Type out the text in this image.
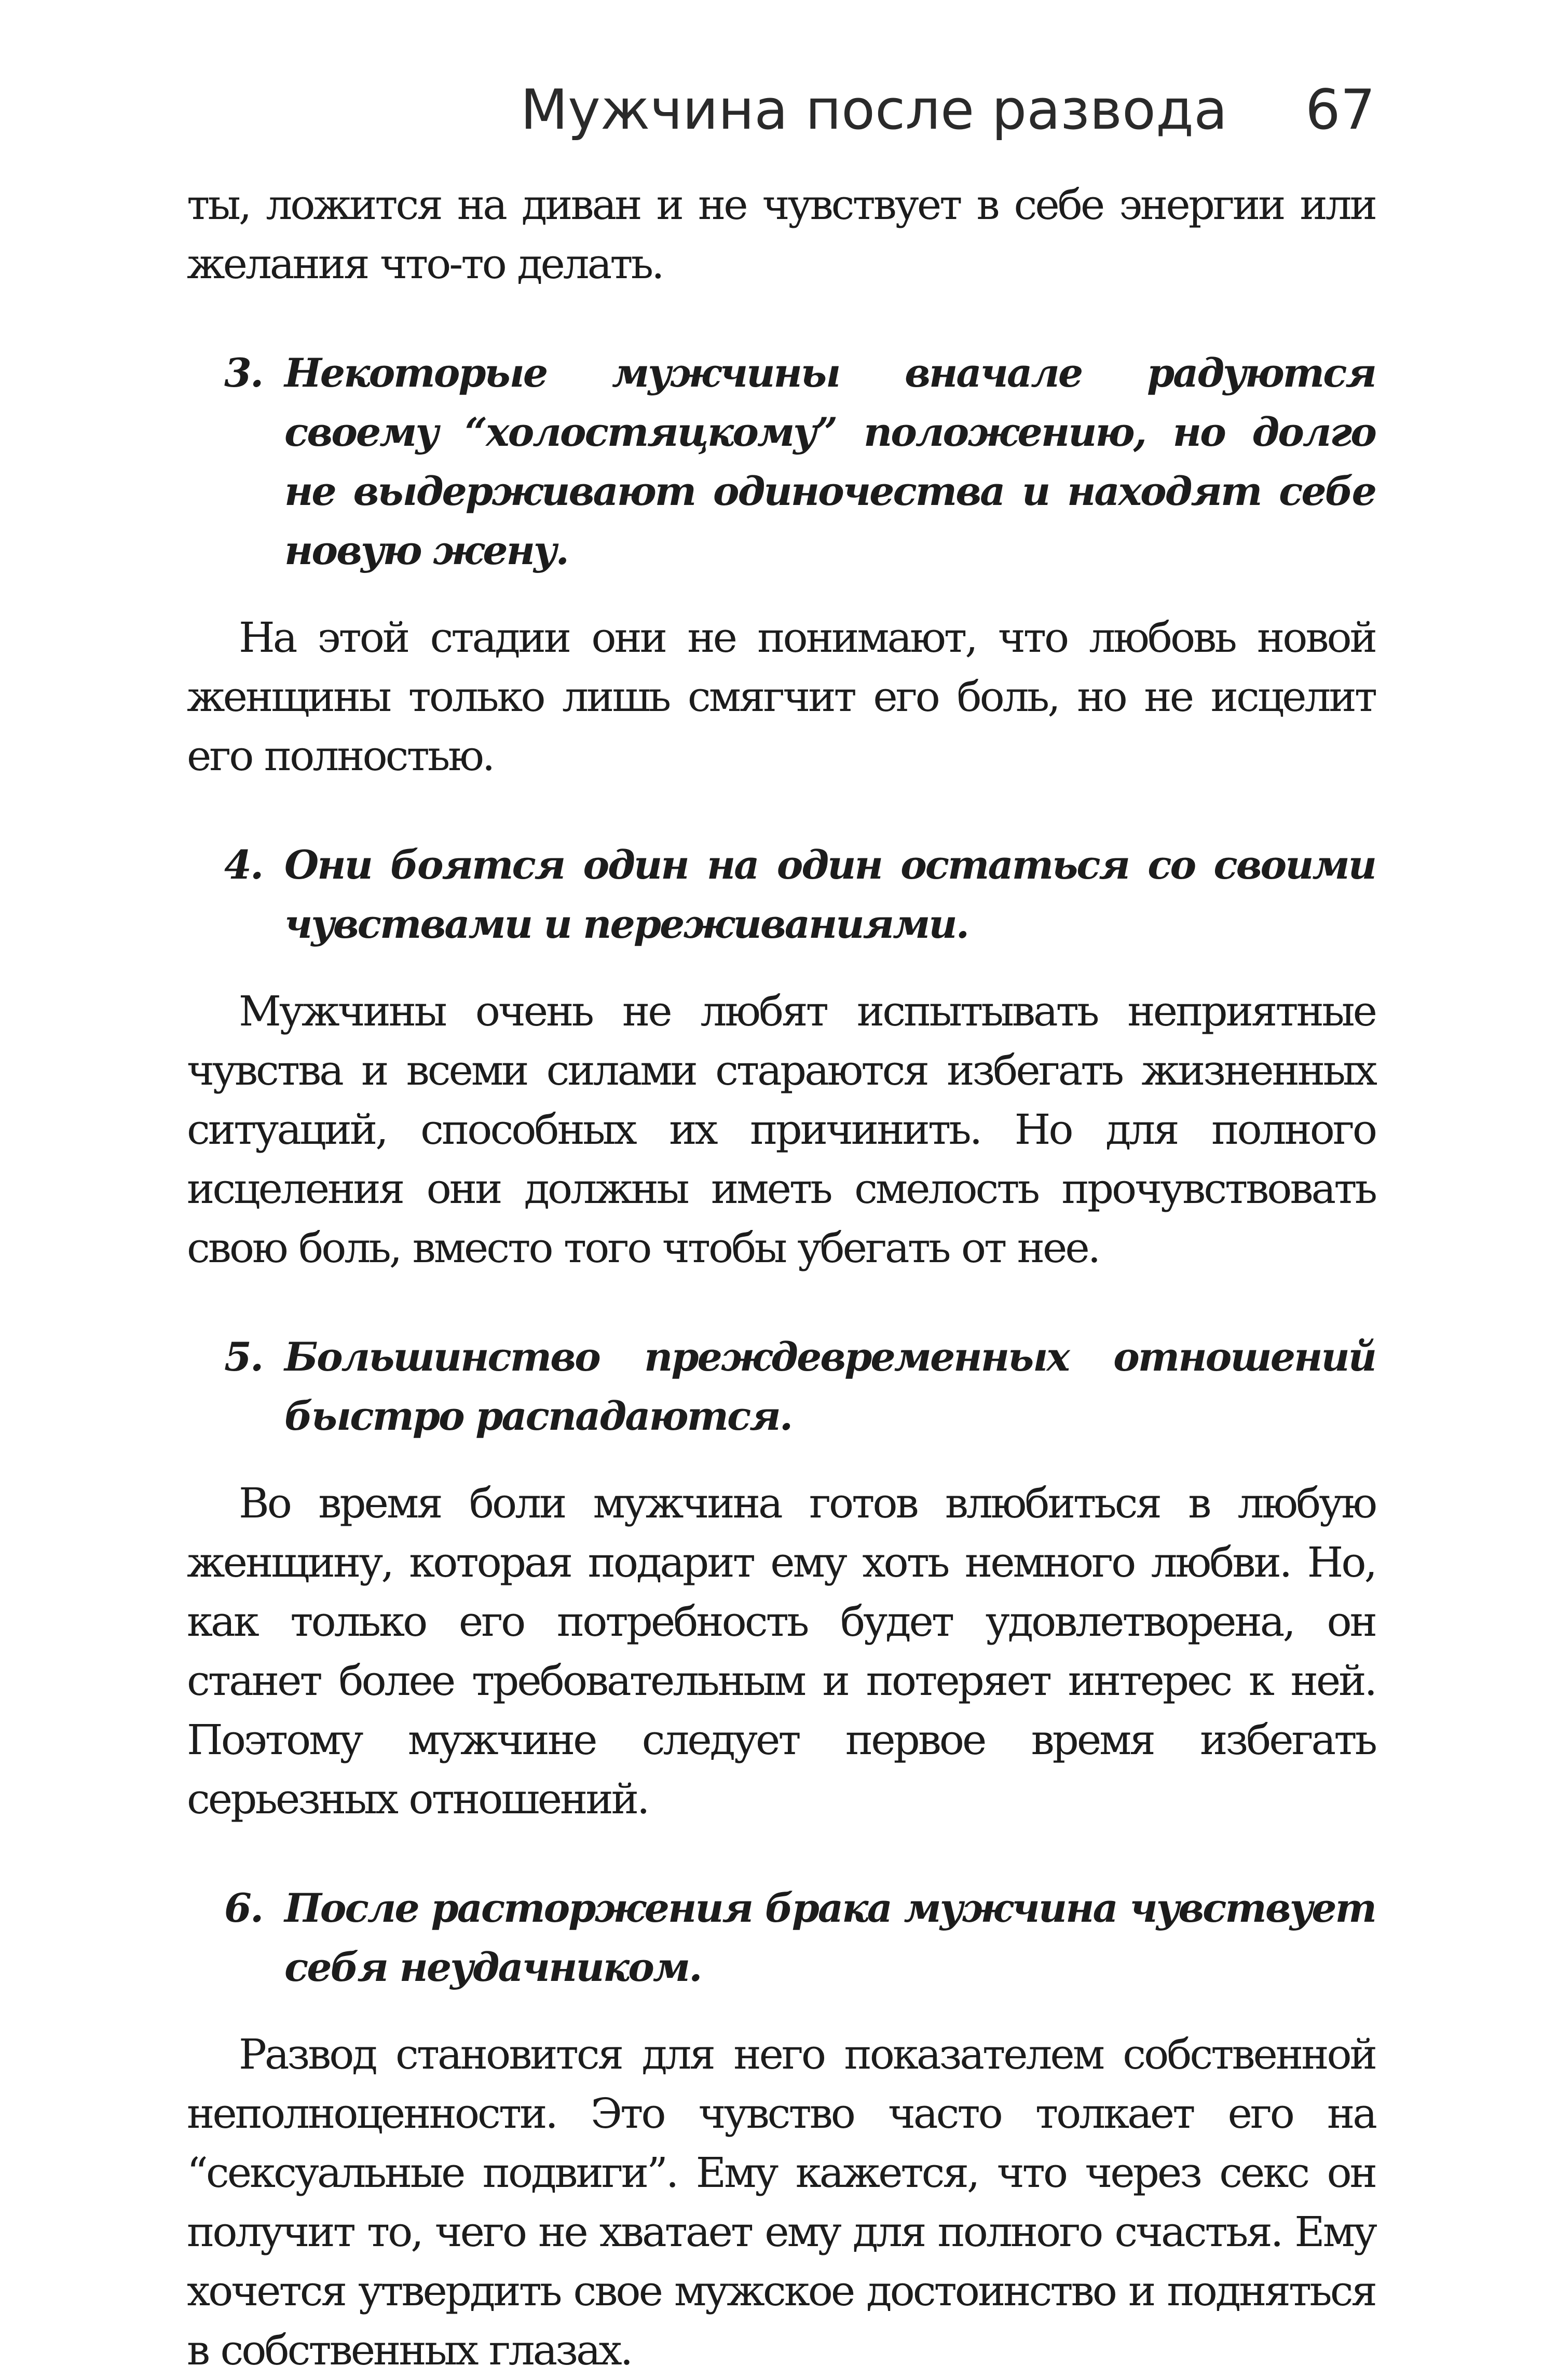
Мужчина после развода 67

ты, ложится на диван и не чувствует в себе энергии или желания что-то делать.

3. Некоторые мужчины вначале радуются своему “холостяцкому” положению, но долго не выдерживают одиночества и находят себе новую жену.

На этой стадии они не понимают, что любовь новой женщины только лишь смягчит его боль, но не исцелит его полностью.

4. Они боятся один на один остаться со своими чувствами и переживаниями.

Мужчины очень не любят испытывать неприятные чувства и всеми силами стараются избегать жизненных ситуаций, способных их причинить. Но для полного исцеления они должны иметь смелость прочувствовать свою боль, вместо того чтобы убегать от нее.

5. Большинство преждевременных отношений быстро распадаются.

Во время боли мужчина готов влюбиться в любую женщину, которая подарит ему хоть немного любви. Но, как только его потребность будет удовлетворена, он станет более требовательным и потеряет интерес к ней. Поэтому мужчине следует первое время избегать серьезных отношений.

6. После расторжения брака мужчина чувствует себя неудачником.

Развод становится для него показателем собственной неполноценности. Это чувство часто толкает его на “сексуальные подвиги”. Ему кажется, что через секс он получит то, чего не хватает ему для полного счастья. Ему хочется утвердить свое мужское достоинство и подняться в собственных глазах.
